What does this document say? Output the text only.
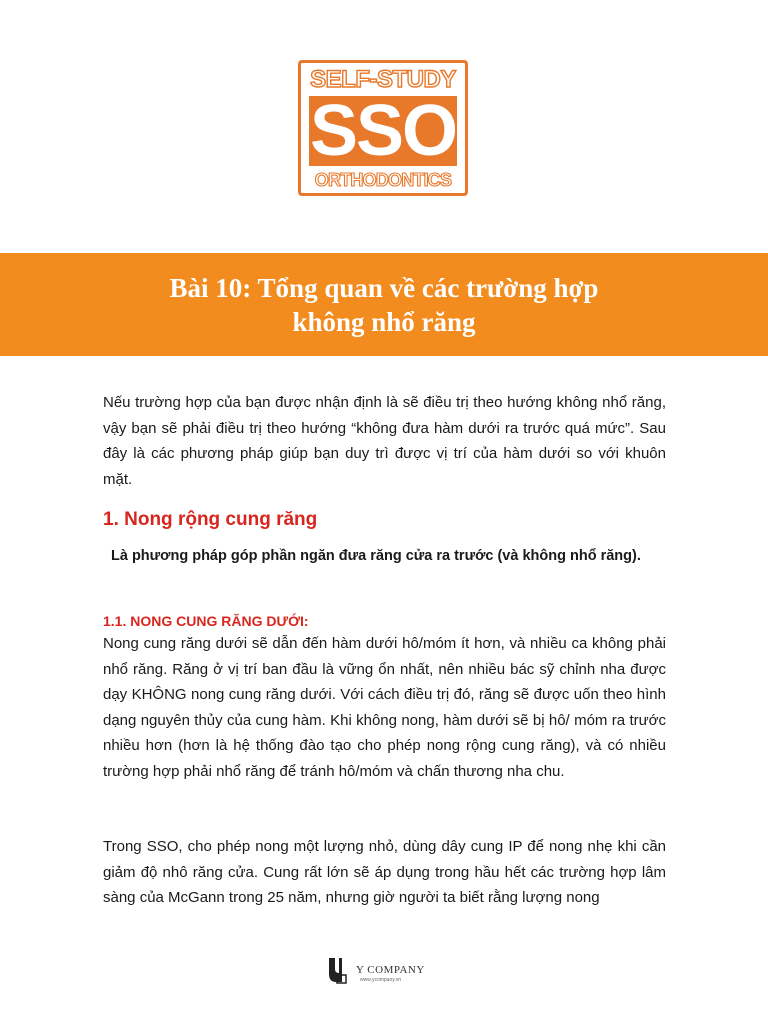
SELF-STUDY
SSO
ORTHODONTICS
Bài 10: Tổng quan về các trường hợp
không nhổ răng

Nếu trường hợp của bạn được nhận định là sẽ điều trị theo hướng không nhổ răng, vậy bạn sẽ phải điều trị theo hướng “không đưa hàm dưới ra trước quá mức”. Sau đây là các phương pháp giúp bạn duy trì được vị trí của hàm dưới so với khuôn mặt.

1. Nong rộng cung răng

Là phương pháp góp phần ngăn đưa răng cửa ra trước (và không nhổ răng).

1.1. NONG CUNG RĂNG DƯỚI:

Nong cung răng dưới sẽ dẫn đến hàm dưới hô/móm ít hơn, và nhiều ca không phải nhổ răng. Răng ở vị trí ban đầu là vững ổn nhất, nên nhiều bác sỹ chỉnh nha được dạy KHÔNG nong cung răng dưới. Với cách điều trị đó, răng sẽ được uốn theo hình dạng nguyên thủy của cung hàm. Khi không nong, hàm dưới sẽ bị hô/ móm ra trước nhiều hơn (hơn là hệ thống đào tạo cho phép nong rộng cung răng), và có nhiều trường hợp phải nhổ răng để tránh hô/móm và chấn thương nha chu.

Trong SSO, cho phép nong một lượng nhỏ, dùng dây cung IP để nong nhẹ khi cần giảm độ nhô răng cửa. Cung rất lớn sẽ áp dụng trong hầu hết các trường hợp lâm sàng của McGann trong 25 năm, nhưng giờ người ta biết rằng lượng nong

Y COMPANY
www.ycompany.vn
